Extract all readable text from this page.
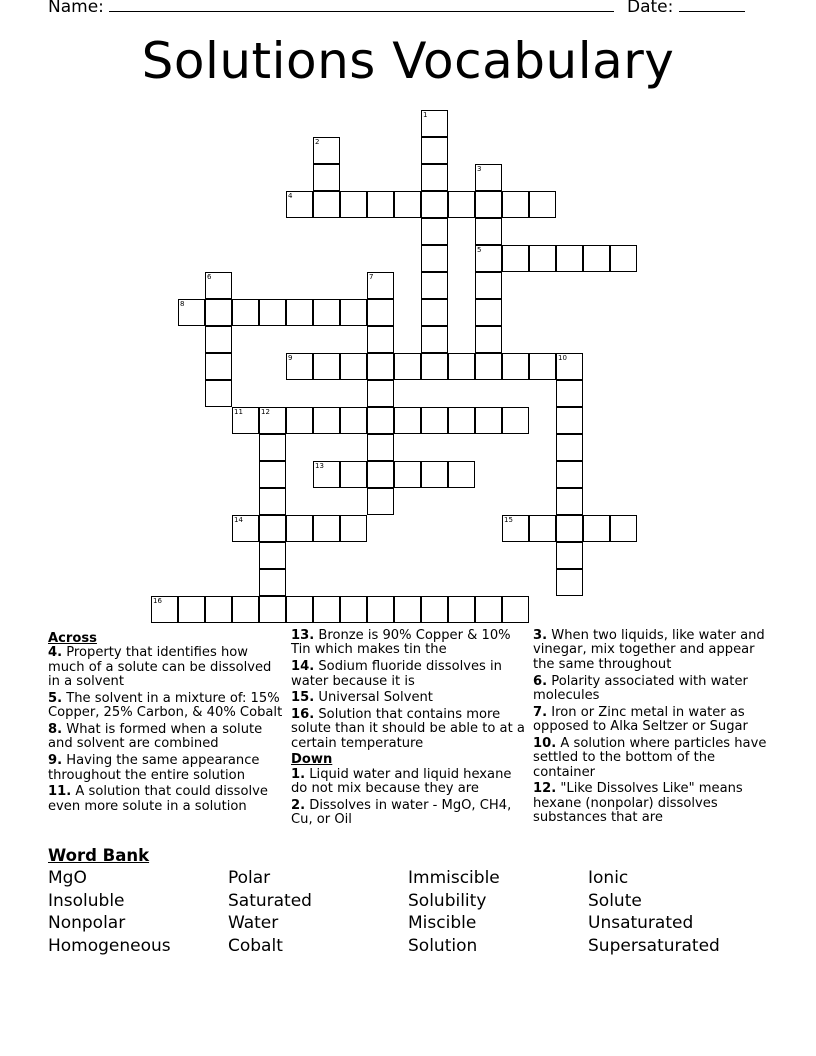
Name:	Date:
Solutions Vocabulary
1
2
3
5
4
6	7
8
9	10
11	12
13
14	15
16
Across
4. Property that identifies how much of a solute can be dissolved in a solvent
5. The solvent in a mixture of: 15% Copper, 25% Carbon, & 40% Cobalt
8. What is formed when a solute and solvent are combined
9. Having the same appearance throughout the entire solution
11. A solution that could dissolve even more solute in a solution
13. Bronze is 90% Copper & 10% Tin which makes tin the
14. Sodium fluoride dissolves in water because it is
15. Universal Solvent
16. Solution that contains more solute than it should be able to at a certain temperature
Down
1. Liquid water and liquid hexane do not mix because they are
2. Dissolves in water - MgO, CH4, Cu, or Oil
3. When two liquids, like water and vinegar, mix together and appear the same throughout
6. Polarity associated with water molecules
7. Iron or Zinc metal in water as opposed to Alka Seltzer or Sugar
10. A solution where particles have settled to the bottom of the container
12. "Like Dissolves Like" means hexane (nonpolar) dissolves substances that are
Word Bank
MgO	Polar	Immiscible	Ionic
Insoluble	Saturated	Solubility	Solute
Nonpolar	Water	Miscible	Unsaturated
Homogeneous	Cobalt	Solution	Supersaturated
